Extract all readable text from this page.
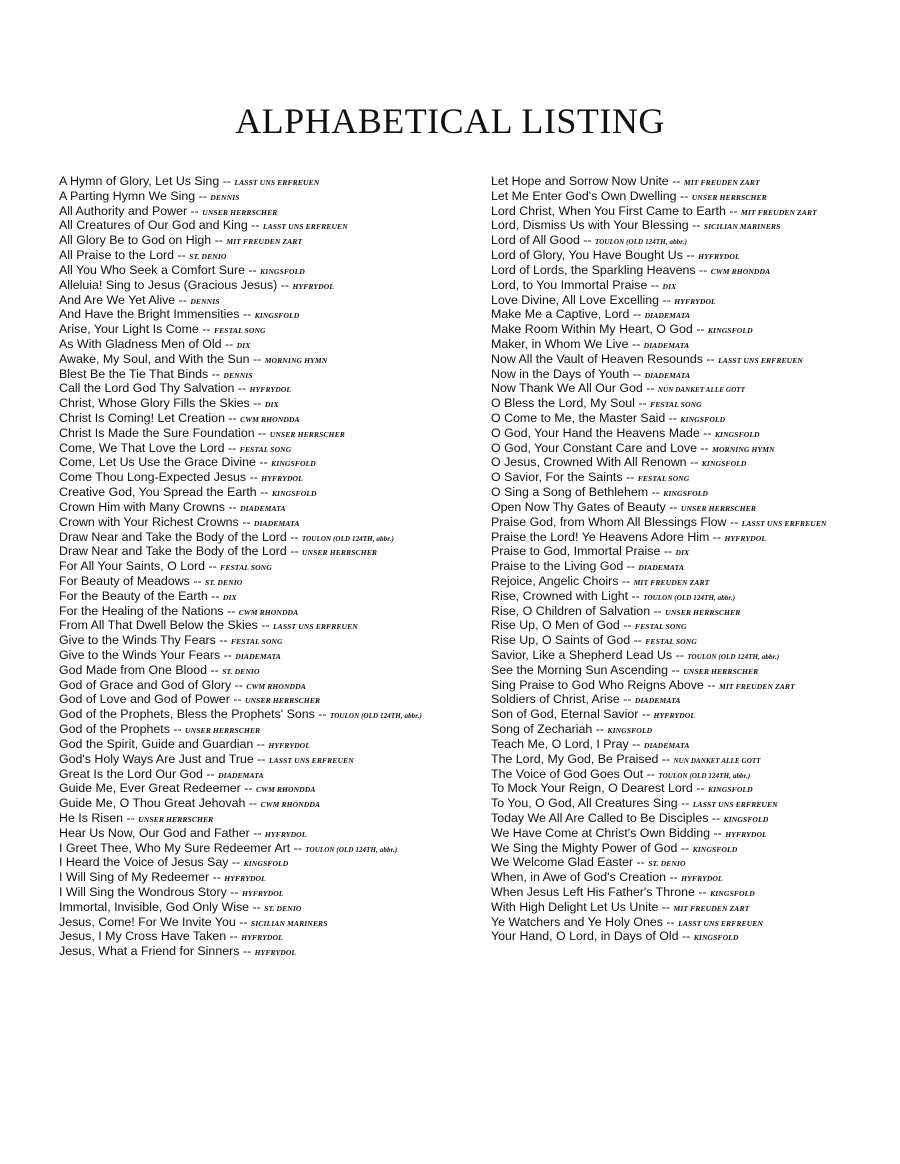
ALPHABETICAL LISTING
A Hymn of Glory, Let Us Sing -- LASST UNS ERFREUEN
A Parting Hymn We Sing -- DENNIS
All Authority and Power -- UNSER HERRSCHER
All Creatures of Our God and King -- LASST UNS ERFREUEN
All Glory Be to God on High -- MIT FREUDEN ZART
All Praise to the Lord -- ST. DENIO
All You Who Seek a Comfort Sure -- KINGSFOLD
Alleluia! Sing to Jesus (Gracious Jesus) -- HYFRYDOL
And Are We Yet Alive -- DENNIS
And Have the Bright Immensities -- KINGSFOLD
Arise, Your Light Is Come -- FESTAL SONG
As With Gladness Men of Old -- DIX
Awake, My Soul, and With the Sun -- MORNING HYMN
Blest Be the Tie That Binds -- DENNIS
Call the Lord God Thy Salvation -- HYFRYDOL
Christ, Whose Glory Fills the Skies -- DIX
Christ Is Coming! Let Creation -- CWM RHONDDA
Christ Is Made the Sure Foundation -- UNSER HERRSCHER
Come, We That Love the Lord -- FESTAL SONG
Come, Let Us Use the Grace Divine -- KINGSFOLD
Come Thou Long-Expected Jesus -- HYFRYDOL
Creative God, You Spread the Earth -- KINGSFOLD
Crown Him with Many Crowns -- DIADEMATA
Crown with Your Richest Crowns -- DIADEMATA
Draw Near and Take the Body of the Lord -- TOULON (OLD 124TH, abbr.)
Draw Near and Take the Body of the Lord -- UNSER HERRSCHER
For All Your Saints, O Lord -- FESTAL SONG
For Beauty of Meadows -- ST. DENIO
For the Beauty of the Earth -- DIX
For the Healing of the Nations -- CWM RHONDDA
From All That Dwell Below the Skies -- LASST UNS ERFREUEN
Give to the Winds Thy Fears -- FESTAL SONG
Give to the Winds Your Fears -- DIADEMATA
God Made from One Blood -- ST. DENIO
God of Grace and God of Glory -- CWM RHONDDA
God of Love and God of Power -- UNSER HERRSCHER
God of the Prophets, Bless the Prophets' Sons -- TOULON (OLD 124TH, abbr.)
God of the Prophets -- UNSER HERRSCHER
God the Spirit, Guide and Guardian -- HYFRYDOL
God's Holy Ways Are Just and True -- LASST UNS ERFREUEN
Great Is the Lord Our God -- DIADEMATA
Guide Me, Ever Great Redeemer -- CWM RHONDDA
Guide Me, O Thou Great Jehovah -- CWM RHONDDA
He Is Risen -- UNSER HERRSCHER
Hear Us Now, Our God and Father -- HYFRYDOL
I Greet Thee, Who My Sure Redeemer Art -- TOULON (OLD 124TH, abbr.)
I Heard the Voice of Jesus Say -- KINGSFOLD
I Will Sing of My Redeemer -- HYFRYDOL
I Will Sing the Wondrous Story -- HYFRYDOL
Immortal, Invisible, God Only Wise -- ST. DENIO
Jesus, Come! For We Invite You -- SICILIAN MARINERS
Jesus, I My Cross Have Taken -- HYFRYDOL
Jesus, What a Friend for Sinners -- HYFRYDOL
Let Hope and Sorrow Now Unite -- MIT FREUDEN ZART
Let Me Enter God's Own Dwelling -- UNSER HERRSCHER
Lord Christ, When You First Came to Earth -- MIT FREUDEN ZART
Lord, Dismiss Us with Your Blessing -- SICILIAN MARINERS
Lord of All Good -- TOULON (OLD 124TH, abbr.)
Lord of Glory, You Have Bought Us -- HYFRYDOL
Lord of Lords, the Sparkling Heavens -- CWM RHONDDA
Lord, to You Immortal Praise -- DIX
Love Divine, All Love Excelling -- HYFRYDOL
Make Me a Captive, Lord -- DIADEMATA
Make Room Within My Heart, O God -- KINGSFOLD
Maker, in Whom We Live -- DIADEMATA
Now All the Vault of Heaven Resounds -- LASST UNS ERFREUEN
Now in the Days of Youth -- DIADEMATA
Now Thank We All Our God -- NUN DANKET ALLE GOTT
O Bless the Lord, My Soul -- FESTAL SONG
O Come to Me, the Master Said -- KINGSFOLD
O God, Your Hand the Heavens Made -- KINGSFOLD
O God, Your Constant Care and Love -- MORNING HYMN
O Jesus, Crowned With All Renown -- KINGSFOLD
O Savior, For the Saints -- FESTAL SONG
O Sing a Song of Bethlehem -- KINGSFOLD
Open Now Thy Gates of Beauty -- UNSER HERRSCHER
Praise God, from Whom All Blessings Flow -- LASST UNS ERFREUEN
Praise the Lord! Ye Heavens Adore Him -- HYFRYDOL
Praise to God, Immortal Praise -- DIX
Praise to the Living God -- DIADEMATA
Rejoice, Angelic Choirs -- MIT FREUDEN ZART
Rise, Crowned with Light -- TOULON (OLD 124TH, abbr.)
Rise, O Children of Salvation -- UNSER HERRSCHER
Rise Up, O Men of God -- FESTAL SONG
Rise Up, O Saints of God -- FESTAL SONG
Savior, Like a Shepherd Lead Us -- TOULON (OLD 124TH, abbr.)
See the Morning Sun Ascending -- UNSER HERRSCHER
Sing Praise to God Who Reigns Above -- MIT FREUDEN ZART
Soldiers of Christ, Arise -- DIADEMATA
Son of God, Eternal Savior -- HYFRYDOL
Song of Zechariah -- KINGSFOLD
Teach Me, O Lord, I Pray -- DIADEMATA
The Lord, My God, Be Praised -- NUN DANKET ALLE GOTT
The Voice of God Goes Out -- TOULON (OLD 124TH, abbr.)
To Mock Your Reign, O Dearest Lord -- KINGSFOLD
To You, O God, All Creatures Sing -- LASST UNS ERFREUEN
Today We All Are Called to Be Disciples -- KINGSFOLD
We Have Come at Christ's Own Bidding -- HYFRYDOL
We Sing the Mighty Power of God -- KINGSFOLD
We Welcome Glad Easter -- ST. DENIO
When, in Awe of God's Creation -- HYFRYDOL
When Jesus Left His Father's Throne -- KINGSFOLD
With High Delight Let Us Unite -- MIT FREUDEN ZART
Ye Watchers and Ye Holy Ones -- LASST UNS ERFREUEN
Your Hand, O Lord, in Days of Old -- KINGSFOLD
